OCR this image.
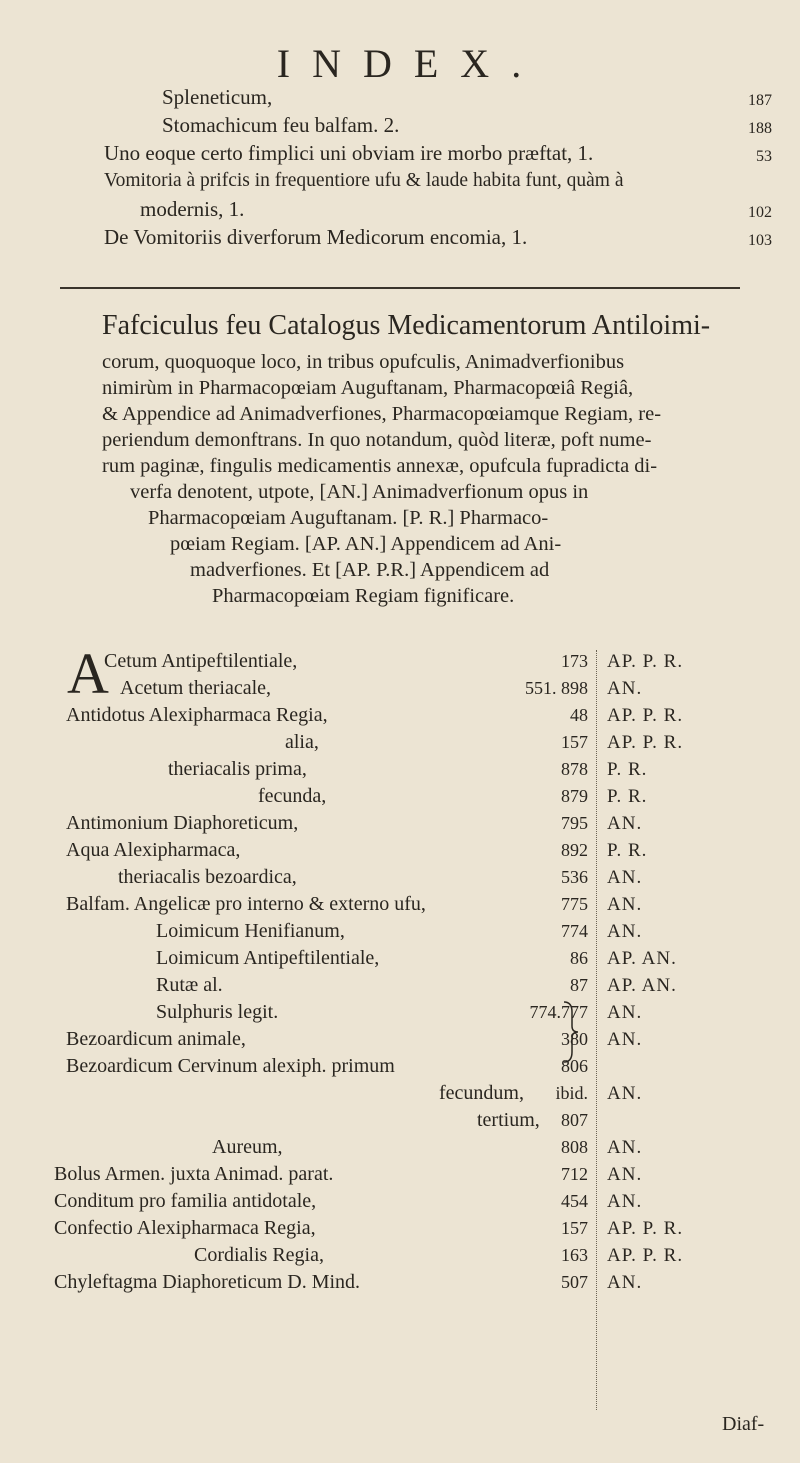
INDEX.
Spleneticum,	187
Stomachicum feu balfam. 2.	188
Uno eoque certo fimplici uni obviam ire morbo præftat, 1.	53
Vomitoria à prifcis in frequentiore ufu & laude habita funt, quàm à
modernis, 1.	102
De Vomitoriis diverforum Medicorum encomia, 1.	103
Fafciculus feu Catalogus Medicamentorum Antiloimi-
corum, quoquoque loco, in tribus opufculis, Animadverfionibus
nimirùm in Pharmacopœiam Auguftanam, Pharmacopœiâ Regiâ,
& Appendice ad Animadverfiones, Pharmacopœiamque Regiam, re-
periendum demonftrans. In quo notandum, quòd literæ, poft nume-
rum paginæ, fingulis medicamentis annexæ, opufcula fupradicta di-
verfa denotent, utpote, [AN.] Animadverfionum opus in
Pharmacopœiam Auguftanam. [P. R.] Pharmaco-
pœiam Regiam. [AP. AN.] Appendicem ad Ani-
madverfiones. Et [AP. P.R.] Appendicem ad
Pharmacopœiam Regiam fignificare.
A
Cetum Antipeftilentiale,	173 AP. P. R.
Acetum theriacale,	551. 898 AN.
Antidotus Alexipharmaca Regia,	48 AP. P. R.
alia,	157 AP. P. R.
theriacalis prima,	878 P. R.
fecunda,	879 P. R.
Antimonium Diaphoreticum,	795 AN.
Aqua Alexipharmaca,	892 P. R.
theriacalis bezoardica,	536 AN.
Balfam. Angelicæ pro interno & externo ufu,	775 AN.
Loimicum Henifianum,	774 AN.
Loimicum Antipeftilentiale,	86 AP. AN.
Rutæ al.	87 AP. AN.
Sulphuris legit.	774.777 AN.
Bezoardicum animale,	380 AN.
Bezoardicum Cervinum alexiph. primum	806
fecundum, ibid. AN.
tertium, 807
Aureum,	808 AN.
Bolus Armen. juxta Animad. parat.	712 AN.
Conditum pro familia antidotale,	454 AN.
Confectio Alexipharmaca Regia,	157 AP. P. R.
Cordialis Regia,	163 AP. P. R.
Chyleftagma Diaphoreticum D. Mind.	507 AN.
Diaf-
